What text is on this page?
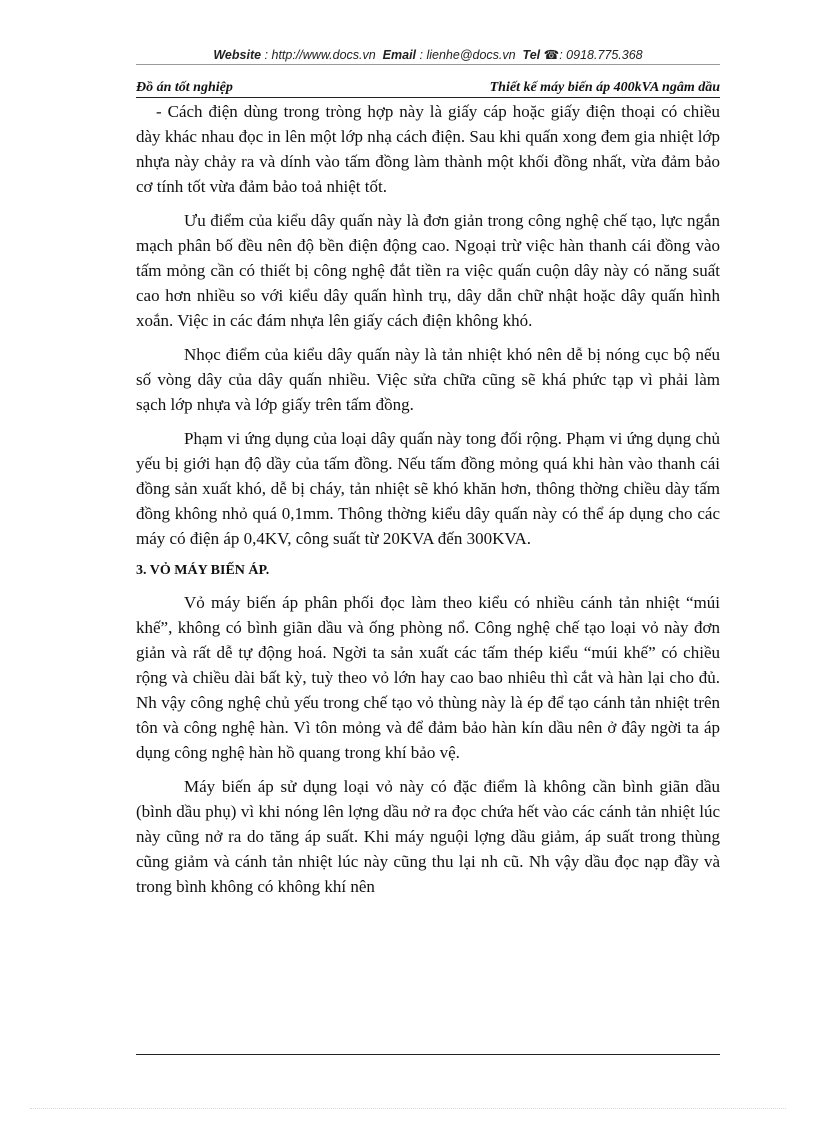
Website : http://www.docs.vn Email : lienhe@docs.vn Tel ☎: 0918.775.368
Đồ án tốt nghiệp	Thiết kế máy biến áp 400kVA ngâm dầu

- Cách điện dùng trong tròng hợp này là giấy cáp hoặc giấy điện thoại có chiều dày khác nhau đọc in lên một lớp nhạ cách điện. Sau khi quấn xong đem gia nhiệt lớp nhựa này chảy ra và dính vào tấm đồng làm thành một khối đồng nhất, vừa đảm bảo cơ tính tốt vừa đảm bảo toả nhiệt tốt.

Ưu điểm của kiểu dây quấn này là đơn giản trong công nghệ chế tạo, lực ngắn mạch phân bố đều nên độ bền điện động cao. Ngoại trừ việc hàn thanh cái đồng vào tấm mỏng cần có thiết bị công nghệ đắt tiền ra việc quấn cuộn dây này có năng suất cao hơn nhiều so với kiểu dây quấn hình trụ, dây dẫn chữ nhật hoặc dây quấn hình xoắn. Việc in các đám nhựa lên giấy cách điện không khó.

Nhọc điểm của kiểu dây quấn này là tản nhiệt khó nên dễ bị nóng cục bộ nếu số vòng dây của dây quấn nhiều. Việc sửa chữa cũng sẽ khá phức tạp vì phải làm sạch lớp nhựa và lớp giấy trên tấm đồng.

Phạm vi ứng dụng của loại dây quấn này tong đối rộng. Phạm vi ứng dụng chủ yếu bị giới hạn độ dầy của tấm đồng. Nếu tấm đồng mỏng quá khi hàn vào thanh cái đồng sản xuất khó, dễ bị cháy, tản nhiệt sẽ khó khăn hơn, thông thờng chiều dày tấm đồng không nhỏ quá 0,1mm. Thông thờng kiểu dây quấn này có thể áp dụng cho các máy có điện áp 0,4KV, công suất từ 20KVA đến 300KVA.

3. VỎ MÁY BIẾN ÁP.

Vỏ máy biến áp phân phối đọc làm theo kiểu có nhiều cánh tản nhiệt “múi khế”, không có bình giãn dầu và ống phòng nổ. Công nghệ chế tạo loại vỏ này đơn giản và rất dễ tự động hoá. Ngời ta sản xuất các tấm thép kiểu “múi khế” có chiều rộng và chiều dài bất kỳ, tuỳ theo vỏ lớn hay cao bao nhiêu thì cắt và hàn lại cho đủ. Nh vậy công nghệ chủ yếu trong chế tạo vỏ thùng này là ép để tạo cánh tản nhiệt trên tôn và công nghệ hàn. Vì tôn mỏng và để đảm bảo hàn kín dầu nên ở đây ngời ta áp dụng công nghệ hàn hồ quang trong khí bảo vệ.

Máy biến áp sử dụng loại vỏ này có đặc điểm là không cần bình giãn dầu (bình dầu phụ) vì khi nóng lên lợng dầu nở ra đọc chứa hết vào các cánh tản nhiệt lúc này cũng nở ra do tăng áp suất. Khi máy nguội lợng dầu giảm, áp suất trong thùng cũng giảm và cánh tản nhiệt lúc này cũng thu lại nh cũ. Nh vậy dầu đọc nạp đầy và trong bình không có không khí nên
